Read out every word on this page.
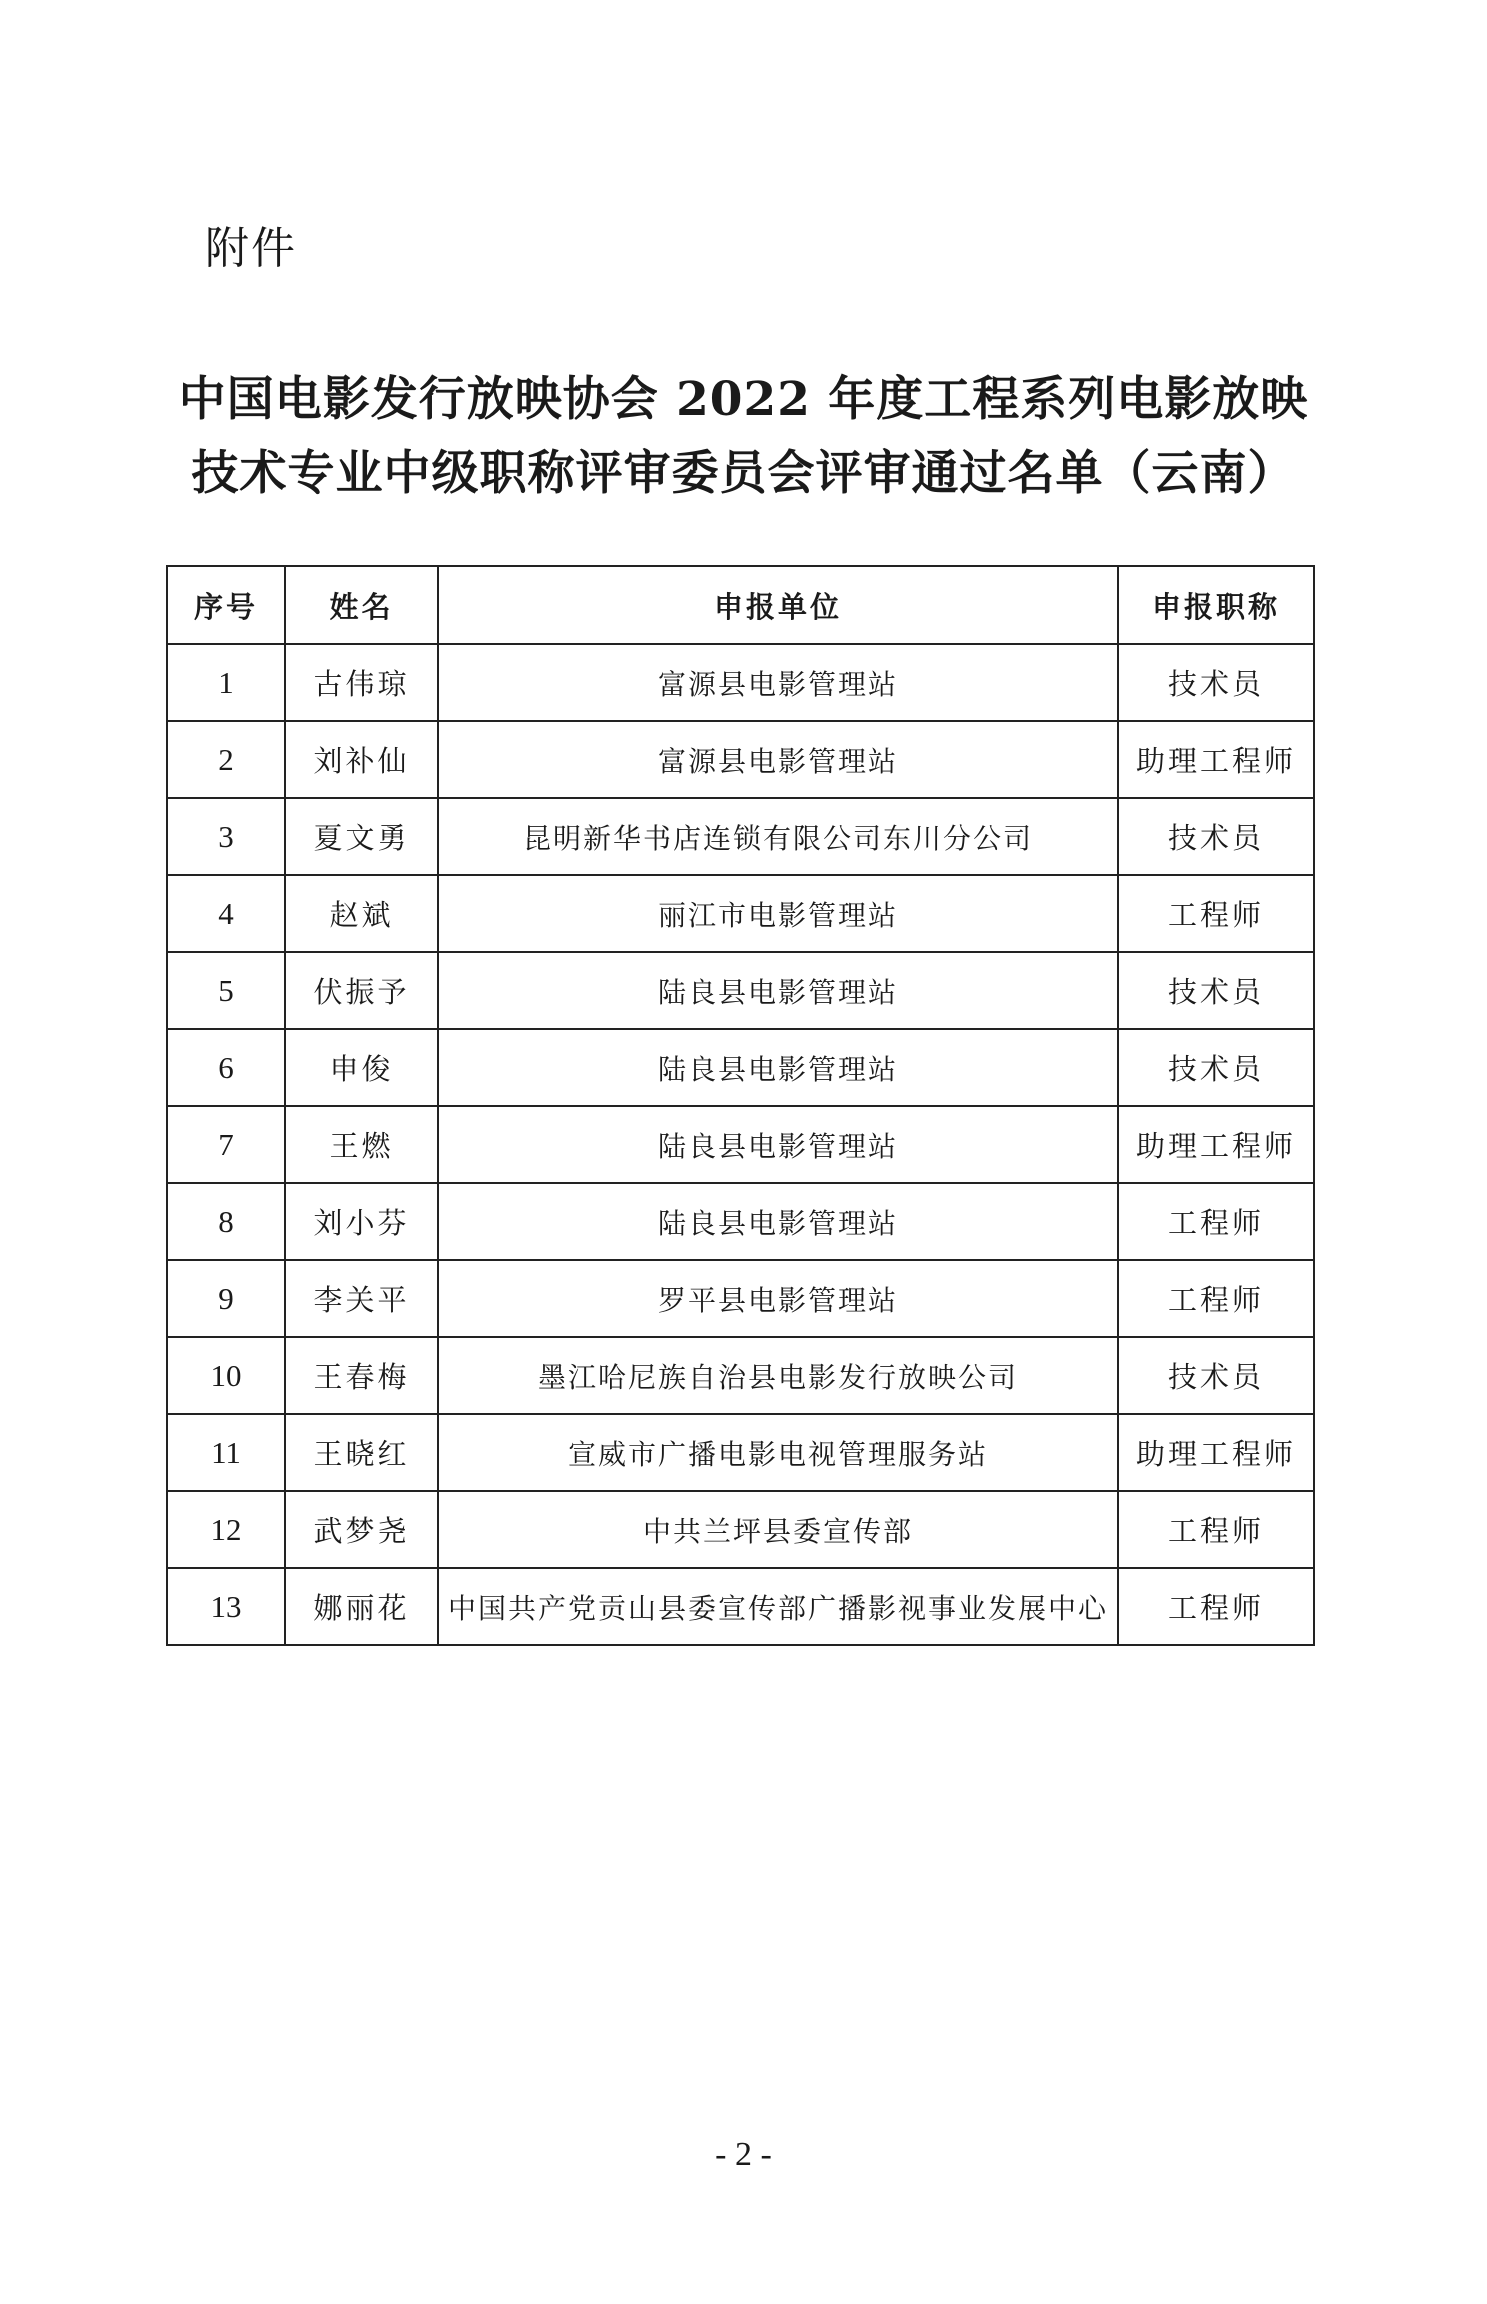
附件
中国电影发行放映协会 2022 年度工程系列电影放映
技术专业中级职称评审委员会评审通过名单（云南）
序号	姓名	申报单位	申报职称
1	古伟琼	富源县电影管理站	技术员
2	刘补仙	富源县电影管理站	助理工程师
3	夏文勇	昆明新华书店连锁有限公司东川分公司	技术员
4	赵斌	丽江市电影管理站	工程师
5	伏振予	陆良县电影管理站	技术员
6	申俊	陆良县电影管理站	技术员
7	王燃	陆良县电影管理站	助理工程师
8	刘小芬	陆良县电影管理站	工程师
9	李关平	罗平县电影管理站	工程师
10	王春梅	墨江哈尼族自治县电影发行放映公司	技术员
11	王晓红	宣威市广播电影电视管理服务站	助理工程师
12	武梦尧	中共兰坪县委宣传部	工程师
13	娜丽花	中国共产党贡山县委宣传部广播影视事业发展中心	工程师
- 2 -
